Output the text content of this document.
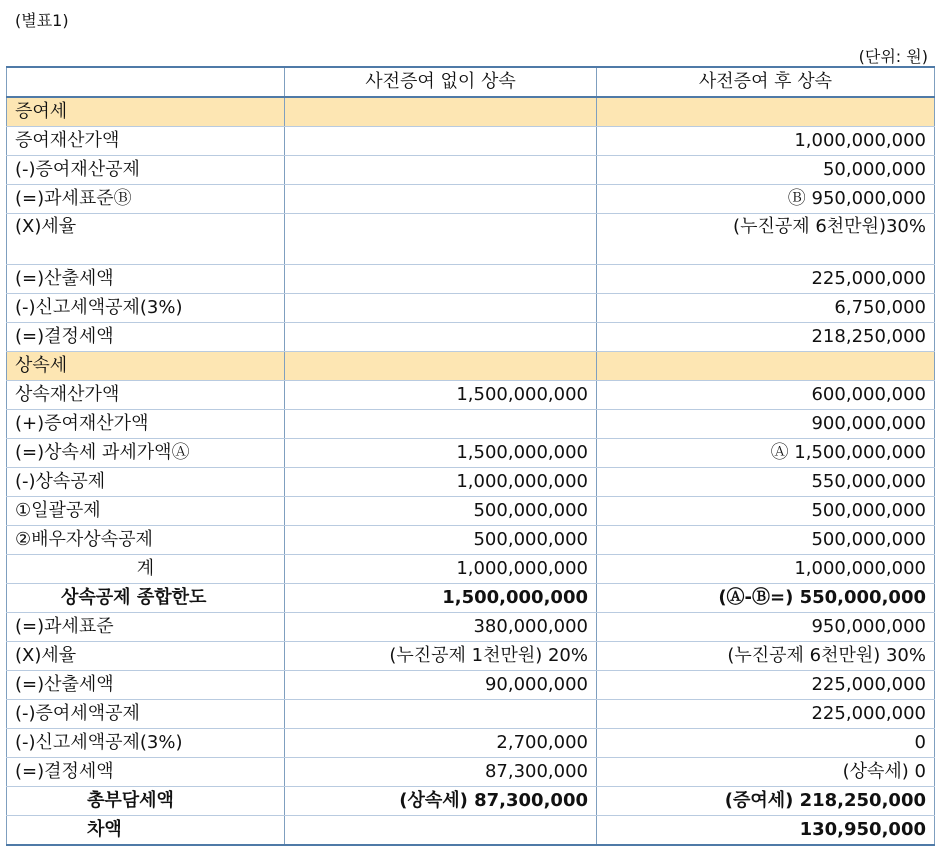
(별표1)
(단위: 원)
	사전증여 없이 상속	사전증여 후 상속
증여세		
증여재산가액		1,000,000,000
(-)증여재산공제		50,000,000
(=)과세표준Ⓑ		Ⓑ 950,000,000
(X)세율		(누진공제 6천만원)30%
(=)산출세액		225,000,000
(-)신고세액공제(3%)		6,750,000
(=)결정세액		218,250,000
상속세		
상속재산가액	1,500,000,000	600,000,000
(+)증여재산가액		900,000,000
(=)상속세 과세가액Ⓐ	1,500,000,000	Ⓐ 1,500,000,000
(-)상속공제	1,000,000,000	550,000,000
①일괄공제	500,000,000	500,000,000
②배우자상속공제	500,000,000	500,000,000
계	1,000,000,000	1,000,000,000
상속공제 종합한도	1,500,000,000	(Ⓐ-Ⓑ=) 550,000,000
(=)과세표준	380,000,000	950,000,000
(X)세율	(누진공제 1천만원) 20%	(누진공제 6천만원) 30%
(=)산출세액	90,000,000	225,000,000
(-)증여세액공제		225,000,000
(-)신고세액공제(3%)	2,700,000	0
(=)결정세액	87,300,000	(상속세) 0
총부담세액	(상속세) 87,300,000	(증여세) 218,250,000
차액		130,950,000
